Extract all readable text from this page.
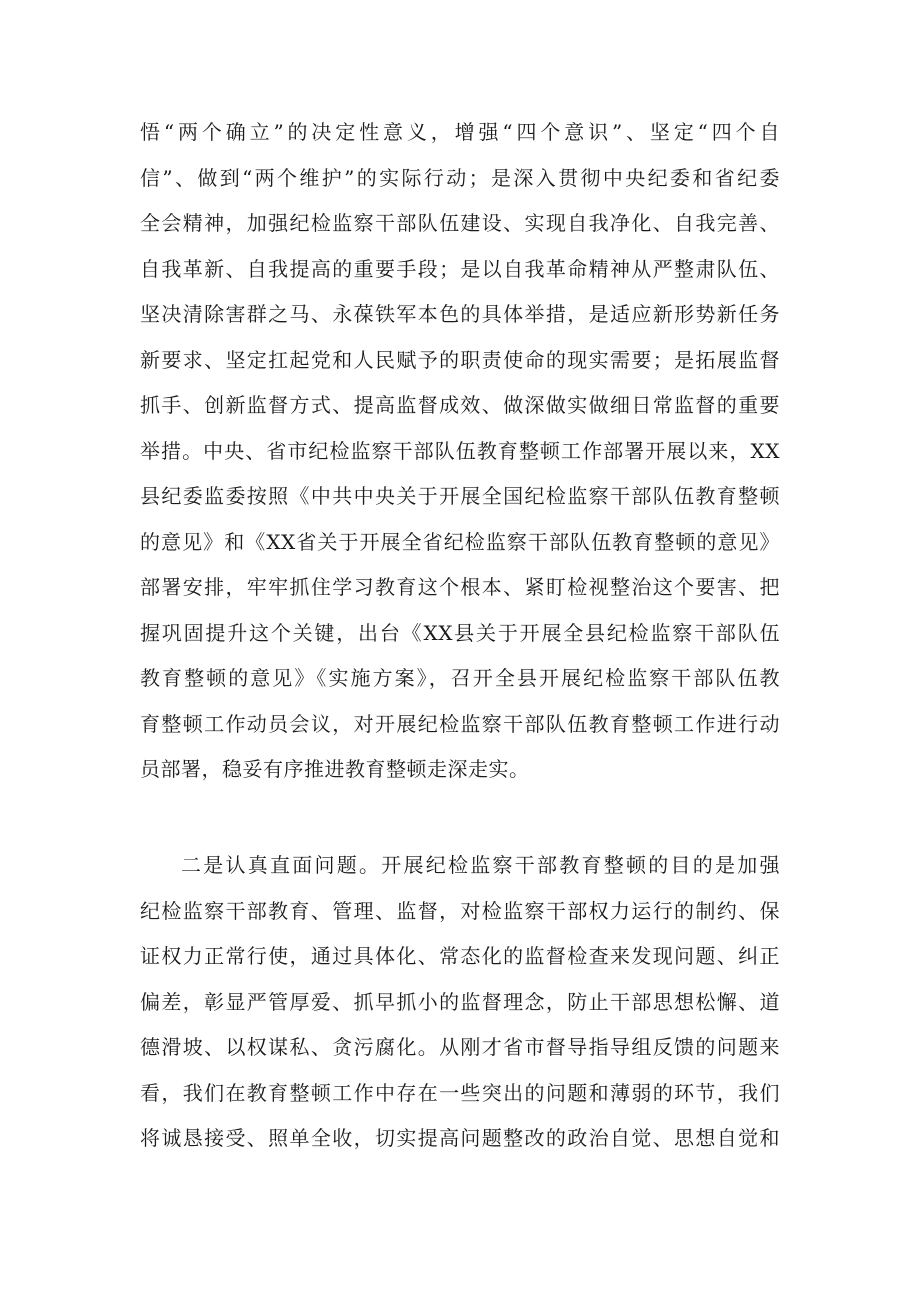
悟“两个确立”的决定性意义，增强“四个意识”、坚定“四个自
信”、做到“两个维护”的实际行动；是深入贯彻中央纪委和省纪委
全会精神，加强纪检监察干部队伍建设、实现自我净化、自我完善、
自我革新、自我提高的重要手段；是以自我革命精神从严整肃队伍、
坚决清除害群之马、永葆铁军本色的具体举措，是适应新形势新任务
新要求、坚定扛起党和人民赋予的职责使命的现实需要；是拓展监督
抓手、创新监督方式、提高监督成效、做深做实做细日常监督的重要
举措。中央、省市纪检监察干部队伍教育整顿工作部署开展以来，XX
县纪委监委按照《中共中央关于开展全国纪检监察干部队伍教育整顿
的意见》和《XX省关于开展全省纪检监察干部队伍教育整顿的意见》
部署安排，牢牢抓住学习教育这个根本、紧盯检视整治这个要害、把
握巩固提升这个关键，出台《XX县关于开展全县纪检监察干部队伍
教育整顿的意见》《实施方案》，召开全县开展纪检监察干部队伍教
育整顿工作动员会议，对开展纪检监察干部队伍教育整顿工作进行动
员部署，稳妥有序推进教育整顿走深走实。
二是认真直面问题。开展纪检监察干部教育整顿的目的是加强
纪检监察干部教育、管理、监督，对检监察干部权力运行的制约、保
证权力正常行使，通过具体化、常态化的监督检查来发现问题、纠正
偏差，彰显严管厚爱、抓早抓小的监督理念，防止干部思想松懈、道
德滑坡、以权谋私、贪污腐化。从刚才省市督导指导组反馈的问题来
看，我们在教育整顿工作中存在一些突出的问题和薄弱的环节，我们
将诚恳接受、照单全收，切实提高问题整改的政治自觉、思想自觉和
